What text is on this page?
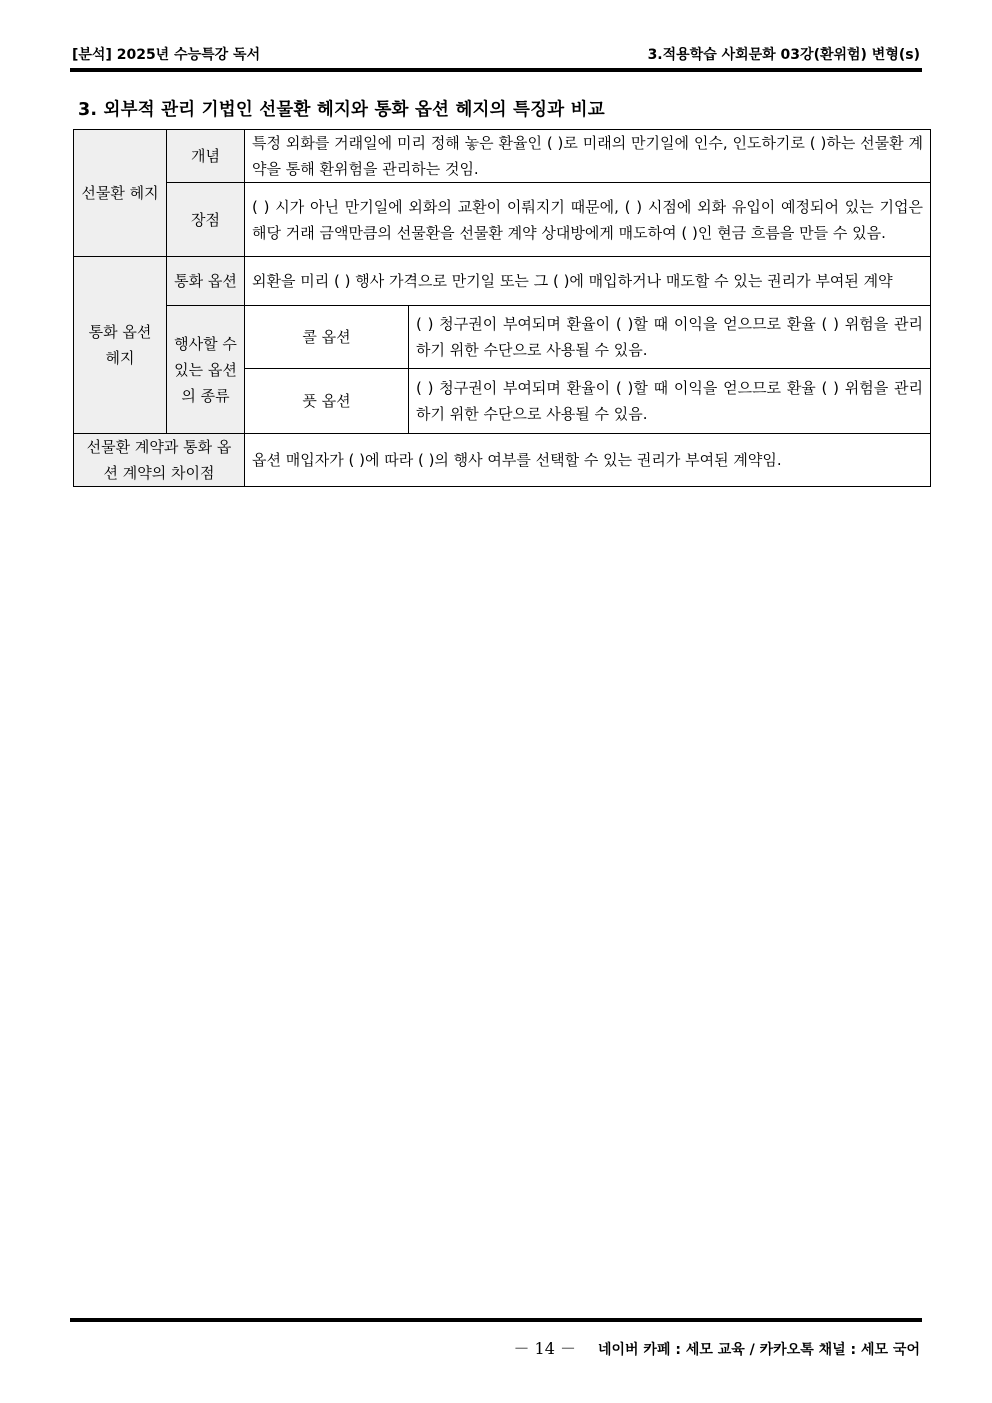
[분석] 2025년 수능특강 독서	3.적용학습 사회문화 03강(환위험) 변형(s)
3. 외부적 관리 기법인 선물환 헤지와 통화 옵션 헤지의 특징과 비교
선물환 헤지	개념	특정 외화를 거래일에 미리 정해 놓은 환율인 ( )로 미래의 만기일에 인수, 인도하기로 ( )하는 선물환 계약을 통해 환위험을 관리하는 것임.	
	장점	( ) 시가 아닌 만기일에 외화의 교환이 이뤄지기 때문에, ( ) 시점에 외화 유입이 예정되어 있는 기업은 해당 거래 금액만큼의 선물환을 선물환 계약 상대방에게 매도하여 ( )인 현금 흐름을 만들 수 있음.	
통화 옵션 헤지	통화 옵션	외환을 미리 ( ) 행사 가격으로 만기일 또는 그 ( )에 매입하거나 매도할 수 있는 권리가 부여된 계약	
	행사할 수 있는 옵션의 종류	콜 옵션	( ) 청구권이 부여되며 환율이 ( )할 때 이익을 얻으므로 환율 ( ) 위험을 관리하기 위한 수단으로 사용될 수 있음.
		풋 옵션	( ) 청구권이 부여되며 환율이 ( )할 때 이익을 얻으므로 환율 ( ) 위험을 관리하기 위한 수단으로 사용될 수 있음.
선물환 계약과 통화 옵션 계약의 차이점		옵션 매입자가 ( )에 따라 ( )의 행사 여부를 선택할 수 있는 권리가 부여된 계약임.	
－ 14 － 네이버 카페 : 세모 교육 / 카카오톡 채널 : 세모 국어
